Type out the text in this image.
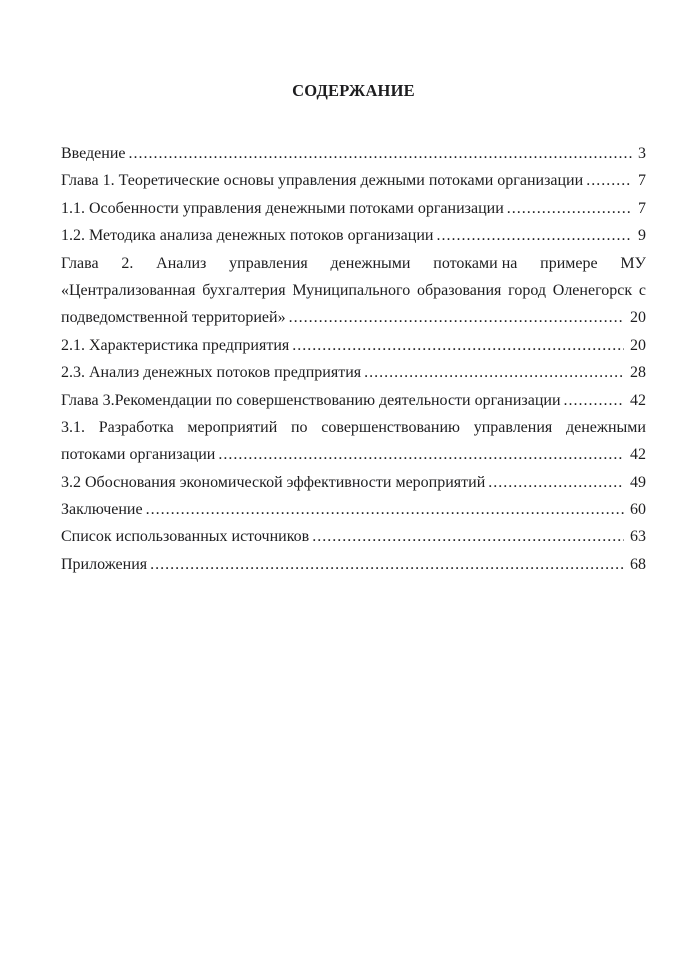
СОДЕРЖАНИЕ
Введение .....	3
Глава 1. Теоретические основы управления дежными потоками организации .....	7
1.1. Особенности управления денежными потоками организации .....	7
1.2. Методика анализа денежных потоков организации .....	9
Глава 2. Анализ управления денежными потоками на примере МУ
«Централизованная бухгалтерия Муниципального образования город Оленегорск с
подведомственной территорией» .....	20
2.1. Характеристика предприятия .....	20
2.3. Анализ денежных потоков предприятия .....	28
Глава 3.Рекомендации по совершенствованию деятельности организации .....	42
3.1. Разработка мероприятий по совершенствованию управления денежными
потоками организации .....	42
3.2 Обоснования экономической эффективности мероприятий .....	49
Заключение .....	60
Список использованных источников .....	63
Приложения .....	68
